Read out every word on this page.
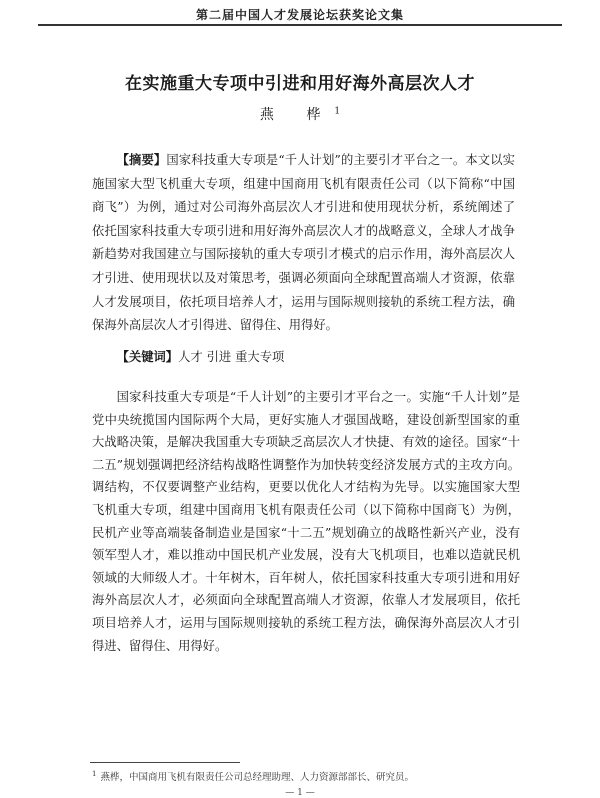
第二届中国人才发展论坛获奖论文集
在实施重大专项中引进和用好海外高层次人才
燕 桦$^1$

【摘要】国家科技重大专项是“千人计划”的主要引才平台之一。本文以实施国家大型飞机重大专项，组建中国商用飞机有限责任公司（以下简称“中国商飞”）为例，通过对公司海外高层次人才引进和使用现状分析，系统阐述了依托国家科技重大专项引进和用好海外高层次人才的战略意义，全球人才战争新趋势对我国建立与国际接轨的重大专项引才模式的启示作用，海外高层次人才引进、使用现状以及对策思考，强调必须面向全球配置高端人才资源，依靠人才发展项目，依托项目培养人才，运用与国际规则接轨的系统工程方法，确保海外高层次人才引得进、留得住、用得好。

【关键词】人才 引进 重大专项

国家科技重大专项是“千人计划”的主要引才平台之一。实施“千人计划”是党中央统揽国内国际两个大局，更好实施人才强国战略，建设创新型国家的重大战略决策，是解决我国重大专项缺乏高层次人才快捷、有效的途径。国家“十二五”规划强调把经济结构战略性调整作为加快转变经济发展方式的主攻方向。调结构，不仅要调整产业结构，更要以优化人才结构为先导。以实施国家大型飞机重大专项，组建中国商用飞机有限责任公司（以下简称中国商飞）为例，民机产业等高端装备制造业是国家“十二五”规划确立的战略性新兴产业，没有领军型人才，难以推动中国民机产业发展，没有大飞机项目，也难以造就民机领域的大师级人才。十年树木，百年树人，依托国家科技重大专项引进和用好海外高层次人才，必须面向全球配置高端人才资源，依靠人才发展项目，依托项目培养人才，运用与国际规则接轨的系统工程方法，确保海外高层次人才引得进、留得住、用得好。

$^1$ 燕桦，中国商用飞机有限责任公司总经理助理、人力资源部部长、研究员。
— 1 —
